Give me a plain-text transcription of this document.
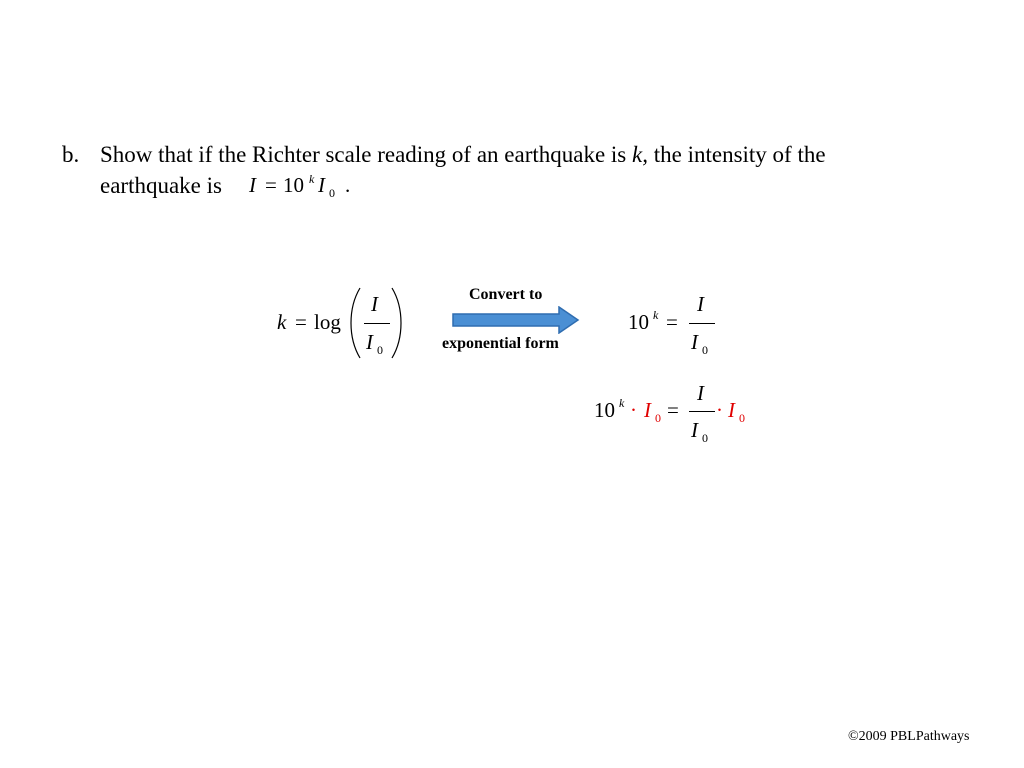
b. Show that if the Richter scale reading of an earthquake is k, the intensity of the
earthquake is I = 10 k I 0 .
k = log
I
I 0
Convert to
exponential form
10 k =
I
I 0
10 k · I 0 =
I
I 0
· I 0
©2009 PBLPathways
